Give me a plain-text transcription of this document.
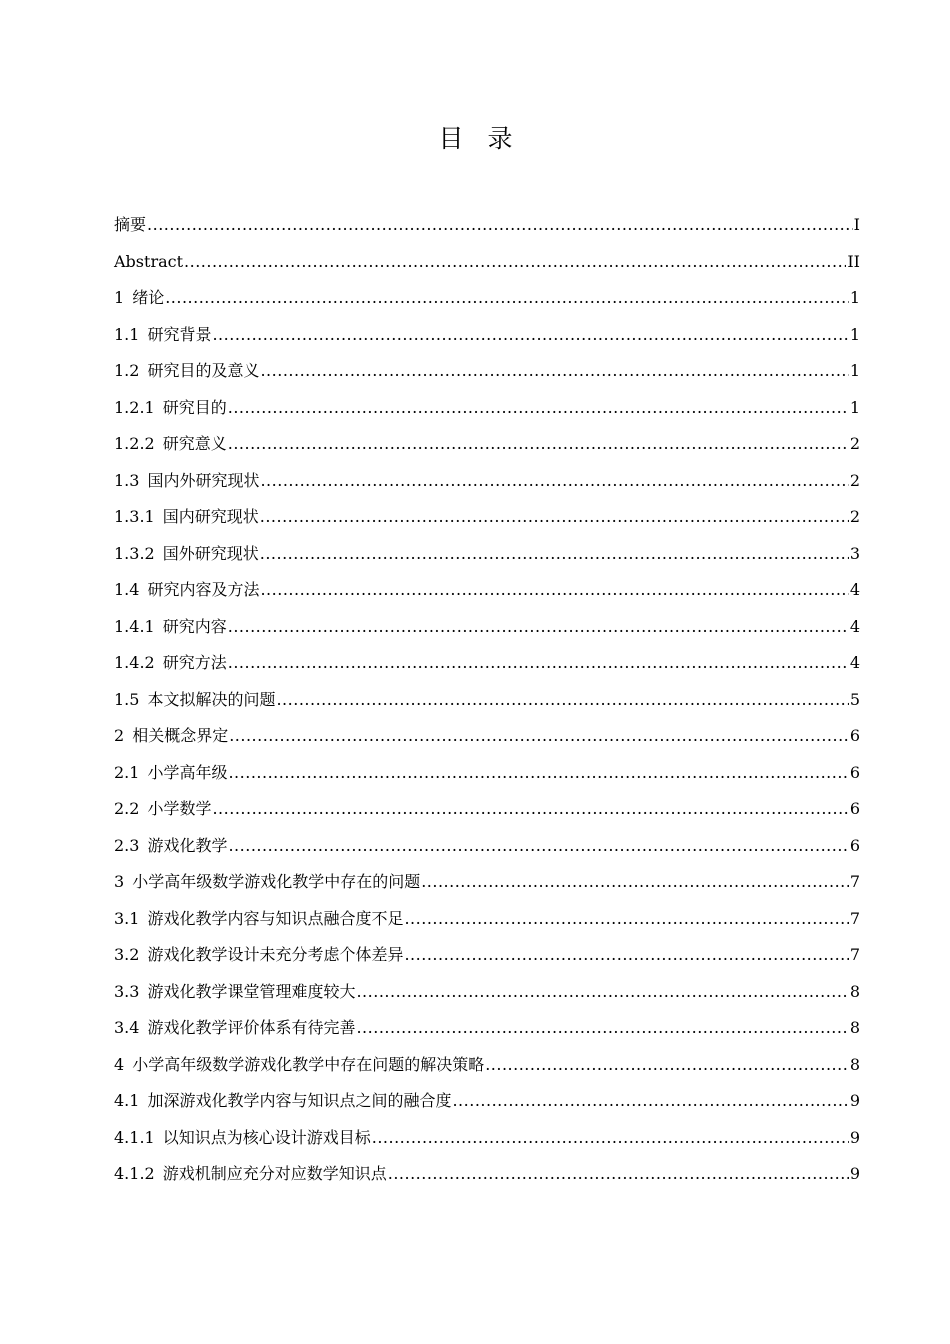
目录
摘要 .....	I
Abstract .....	II
1 绪论 .....	1
1.1 研究背景 .....	1
1.2 研究目的及意义 .....	1
1.2.1 研究目的 .....	1
1.2.2 研究意义 .....	2
1.3 国内外研究现状 .....	2
1.3.1 国内研究现状 .....	2
1.3.2 国外研究现状 .....	3
1.4 研究内容及方法 .....	4
1.4.1 研究内容 .....	4
1.4.2 研究方法 .....	4
1.5 本文拟解决的问题 .....	5
2 相关概念界定 .....	6
2.1 小学高年级 .....	6
2.2 小学数学 .....	6
2.3 游戏化教学 .....	6
3 小学高年级数学游戏化教学中存在的问题 .....	7
3.1 游戏化教学内容与知识点融合度不足 .....	7
3.2 游戏化教学设计未充分考虑个体差异 .....	7
3.3 游戏化教学课堂管理难度较大 .....	8
3.4 游戏化教学评价体系有待完善 .....	8
4 小学高年级数学游戏化教学中存在问题的解决策略 .....	8
4.1 加深游戏化教学内容与知识点之间的融合度 .....	9
4.1.1 以知识点为核心设计游戏目标 .....	9
4.1.2 游戏机制应充分对应数学知识点 .....	9
